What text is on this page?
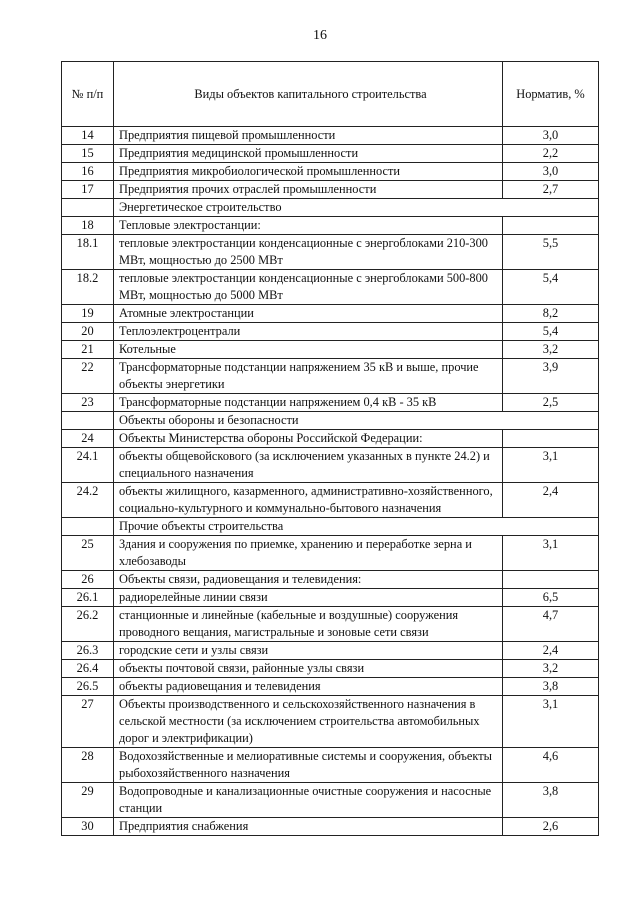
16
№ п/п	Виды объектов капитального строительства	Норматив, %
14	Предприятия пищевой промышленности	3,0
15	Предприятия медицинской промышленности	2,2
16	Предприятия микробиологической промышленности	3,0
17	Предприятия прочих отраслей промышленности	2,7
	Энергетическое строительство	
18	Тепловые электростанции:	
18.1	тепловые электростанции конденсационные с энергоблоками 210-300 МВт, мощностью до 2500 МВт	5,5
18.2	тепловые электростанции конденсационные с энергоблоками 500-800 МВт, мощностью до 5000 МВт	5,4
19	Атомные электростанции	8,2
20	Теплоэлектроцентрали	5,4
21	Котельные	3,2
22	Трансформаторные подстанции напряжением 35 кВ и выше, прочие объекты энергетики	3,9
23	Трансформаторные подстанции напряжением 0,4 кВ - 35 кВ	2,5
	Объекты обороны и безопасности	
24	Объекты Министерства обороны Российской Федерации:	
24.1	объекты общевойскового (за исключением указанных в пункте 24.2) и специального назначения	3,1
24.2	объекты жилищного, казарменного, административно-хозяйственного, социально-культурного и коммунально-бытового назначения	2,4
	Прочие объекты строительства	
25	Здания и сооружения по приемке, хранению и переработке зерна и хлебозаводы	3,1
26	Объекты связи, радиовещания и телевидения:	
26.1	радиорелейные линии связи	6,5
26.2	станционные и линейные (кабельные и воздушные) сооружения проводного вещания, магистральные и зоновые сети связи	4,7
26.3	городские сети и узлы связи	2,4
26.4	объекты почтовой связи, районные узлы связи	3,2
26.5	объекты радиовещания и телевидения	3,8
27	Объекты производственного и сельскохозяйственного назначения в сельской местности (за исключением строительства автомобильных дорог и электрификации)	3,1
28	Водохозяйственные и мелиоративные системы и сооружения, объекты рыбохозяйственного назначения	4,6
29	Водопроводные и канализационные очистные сооружения и насосные станции	3,8
30	Предприятия снабжения	2,6
